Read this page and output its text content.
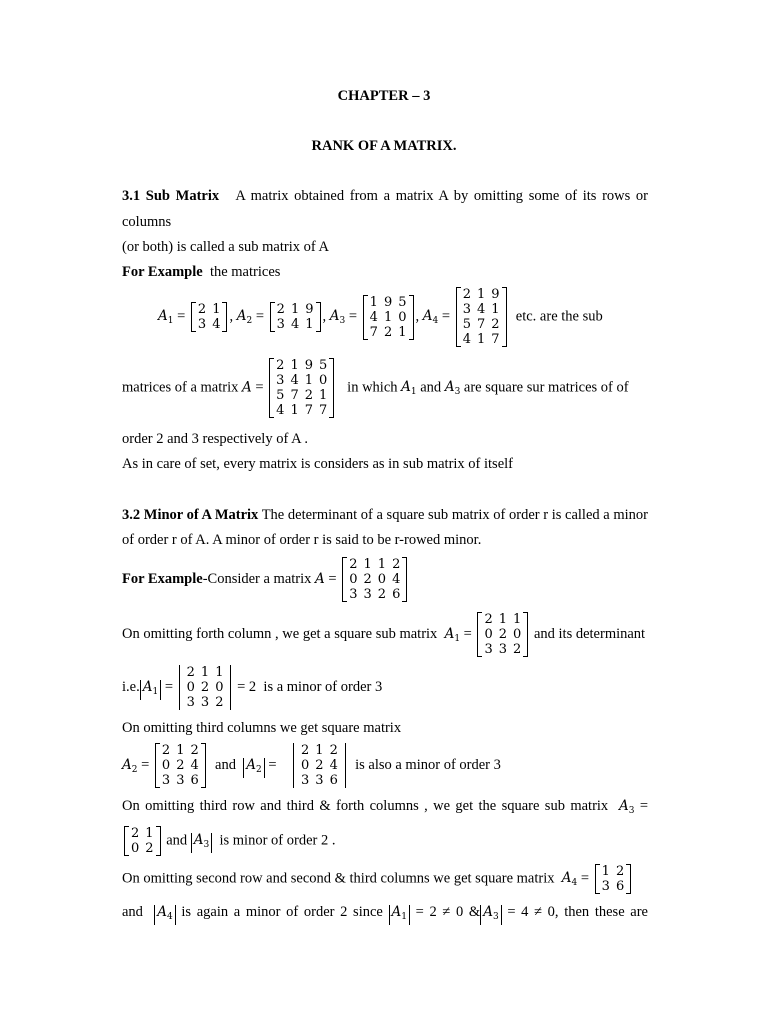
CHAPTER – 3
RANK OF A MATRIX.
3.1 Sub Matrix A matrix obtained from a matrix A by omitting some of its rows or
columns
(or both) is called a sub matrix of A
For Example the matrices
$A_1 = 2$	1
3	4
, $A_2 = 2$	1	9
3	4	1
, $A_3$ =
1	9	5
4	1	0
7	2	1
, $A_4$ =
2	1	9
3	4	1
5	7	2
4	1	7
etc. are the sub
matrices of a matrix A =
2	1	9	5
3	4	1	0
5	7	2	1
4	1	7	7
in which $A_1$ and $A_3$ are square sur matrices of of
order 2 and 3 respectively of A .
As in care of set, every matrix is considers as in sub matrix of itself
3.2 Minor of A Matrix The determinant of a square sub matrix of order r is called a minor
of order r of A. A minor of order r is said to be r-rowed minor.
For Example-Consider a matrix A =
2	1	1	2
0	2	0	4
3	3	2	6
On omitting forth column , we get a square sub matrix $A_1$ =
2	1	1
0	2	0
3	3	2
and its determinant
i.e. $A_1$ =
2	1	1
0	2	0
3	3	2
= 2 is a minor of order 3
On omitting third columns we get square matrix
$A_2$ =
2	1	2
0	2	4
3	3	6
and $A_2$ =
2	1	2
0	2	4
3	3	6
is also a minor of order 3
On omitting third row and third & forth columns , we get the square sub matrix $A_3$ =
2	1
0	2
and $A_3$ is minor of order 2 .
On omitting second row and second & third columns we get square matrix $A_4 = 1$	2
3	6
and $A_4$ is again a minor of order 2 since $A_1 = 2 \ne 0$ & $A_3 = 4 \ne 0$, then these are
